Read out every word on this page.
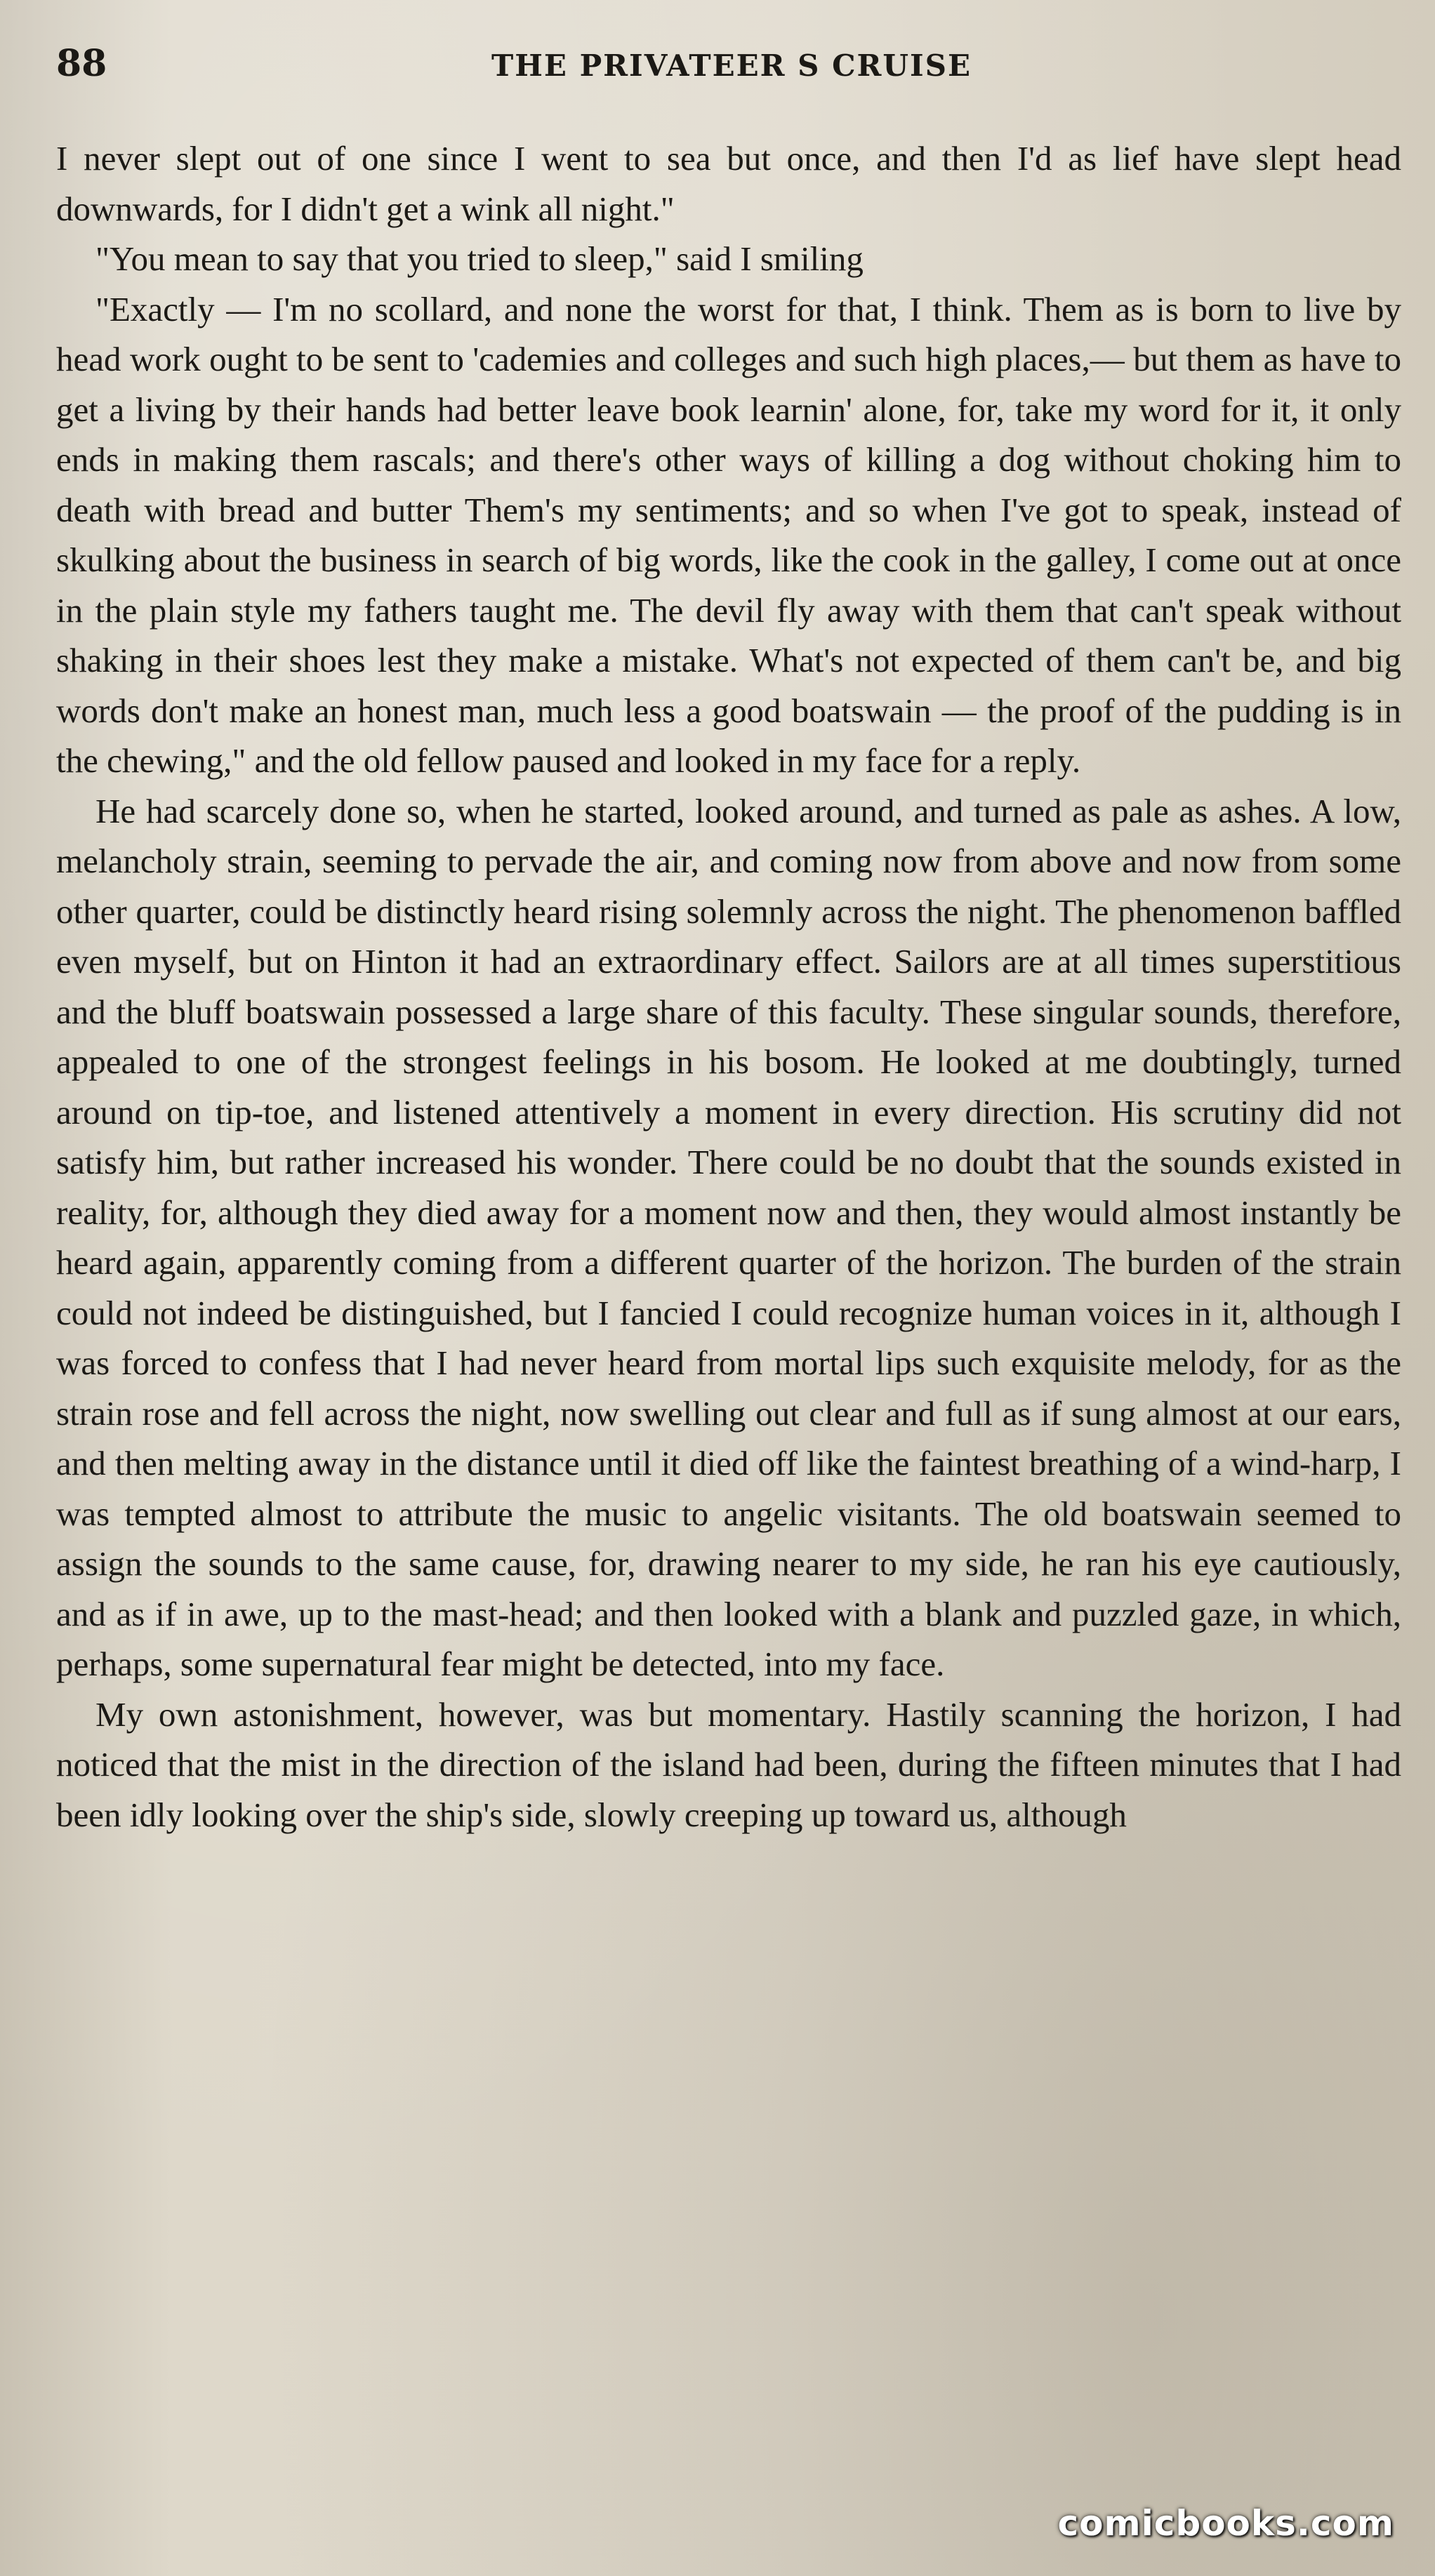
88	THE PRIVATEER S CRUISE

I never slept out of one since I went to sea but once, and then I'd as lief have slept head downwards, for I didn't get a wink all night."

"You mean to say that you tried to sleep," said I smiling

"Exactly — I'm no scollard, and none the worst for that, I think. Them as is born to live by head work ought to be sent to 'cademies and colleges and such high places,— but them as have to get a living by their hands had better leave book learnin' alone, for, take my word for it, it only ends in making them rascals; and there's other ways of killing a dog without choking him to death with bread and butter Them's my sentiments; and so when I've got to speak, instead of skulking about the business in search of big words, like the cook in the galley, I come out at once in the plain style my fathers taught me. The devil fly away with them that can't speak without shaking in their shoes lest they make a mistake. What's not expected of them can't be, and big words don't make an honest man, much less a good boatswain — the proof of the pudding is in the chewing," and the old fellow paused and looked in my face for a reply.

He had scarcely done so, when he started, looked around, and turned as pale as ashes. A low, melancholy strain, seeming to pervade the air, and coming now from above and now from some other quarter, could be distinctly heard rising solemnly across the night. The phenomenon baffled even myself, but on Hinton it had an extraordinary effect. Sailors are at all times superstitious and the bluff boatswain possessed a large share of this faculty. These singular sounds, therefore, appealed to one of the strongest feelings in his bosom. He looked at me doubtingly, turned around on tip-toe, and listened attentively a moment in every direction. His scrutiny did not satisfy him, but rather increased his wonder. There could be no doubt that the sounds existed in reality, for, although they died away for a moment now and then, they would almost instantly be heard again, apparently coming from a different quarter of the horizon. The burden of the strain could not indeed be distinguished, but I fancied I could recognize human voices in it, although I was forced to confess that I had never heard from mortal lips such exquisite melody, for as the strain rose and fell across the night, now swelling out clear and full as if sung almost at our ears, and then melting away in the distance until it died off like the faintest breathing of a wind-harp, I was tempted almost to attribute the music to angelic visitants. The old boatswain seemed to assign the sounds to the same cause, for, drawing nearer to my side, he ran his eye cautiously, and as if in awe, up to the mast-head; and then looked with a blank and puzzled gaze, in which, perhaps, some supernatural fear might be detected, into my face.

My own astonishment, however, was but momentary. Hastily scanning the horizon, I had noticed that the mist in the direction of the island had been, during the fifteen minutes that I had been idly looking over the ship's side, slowly creeping up toward us, although

comicbooks.com
